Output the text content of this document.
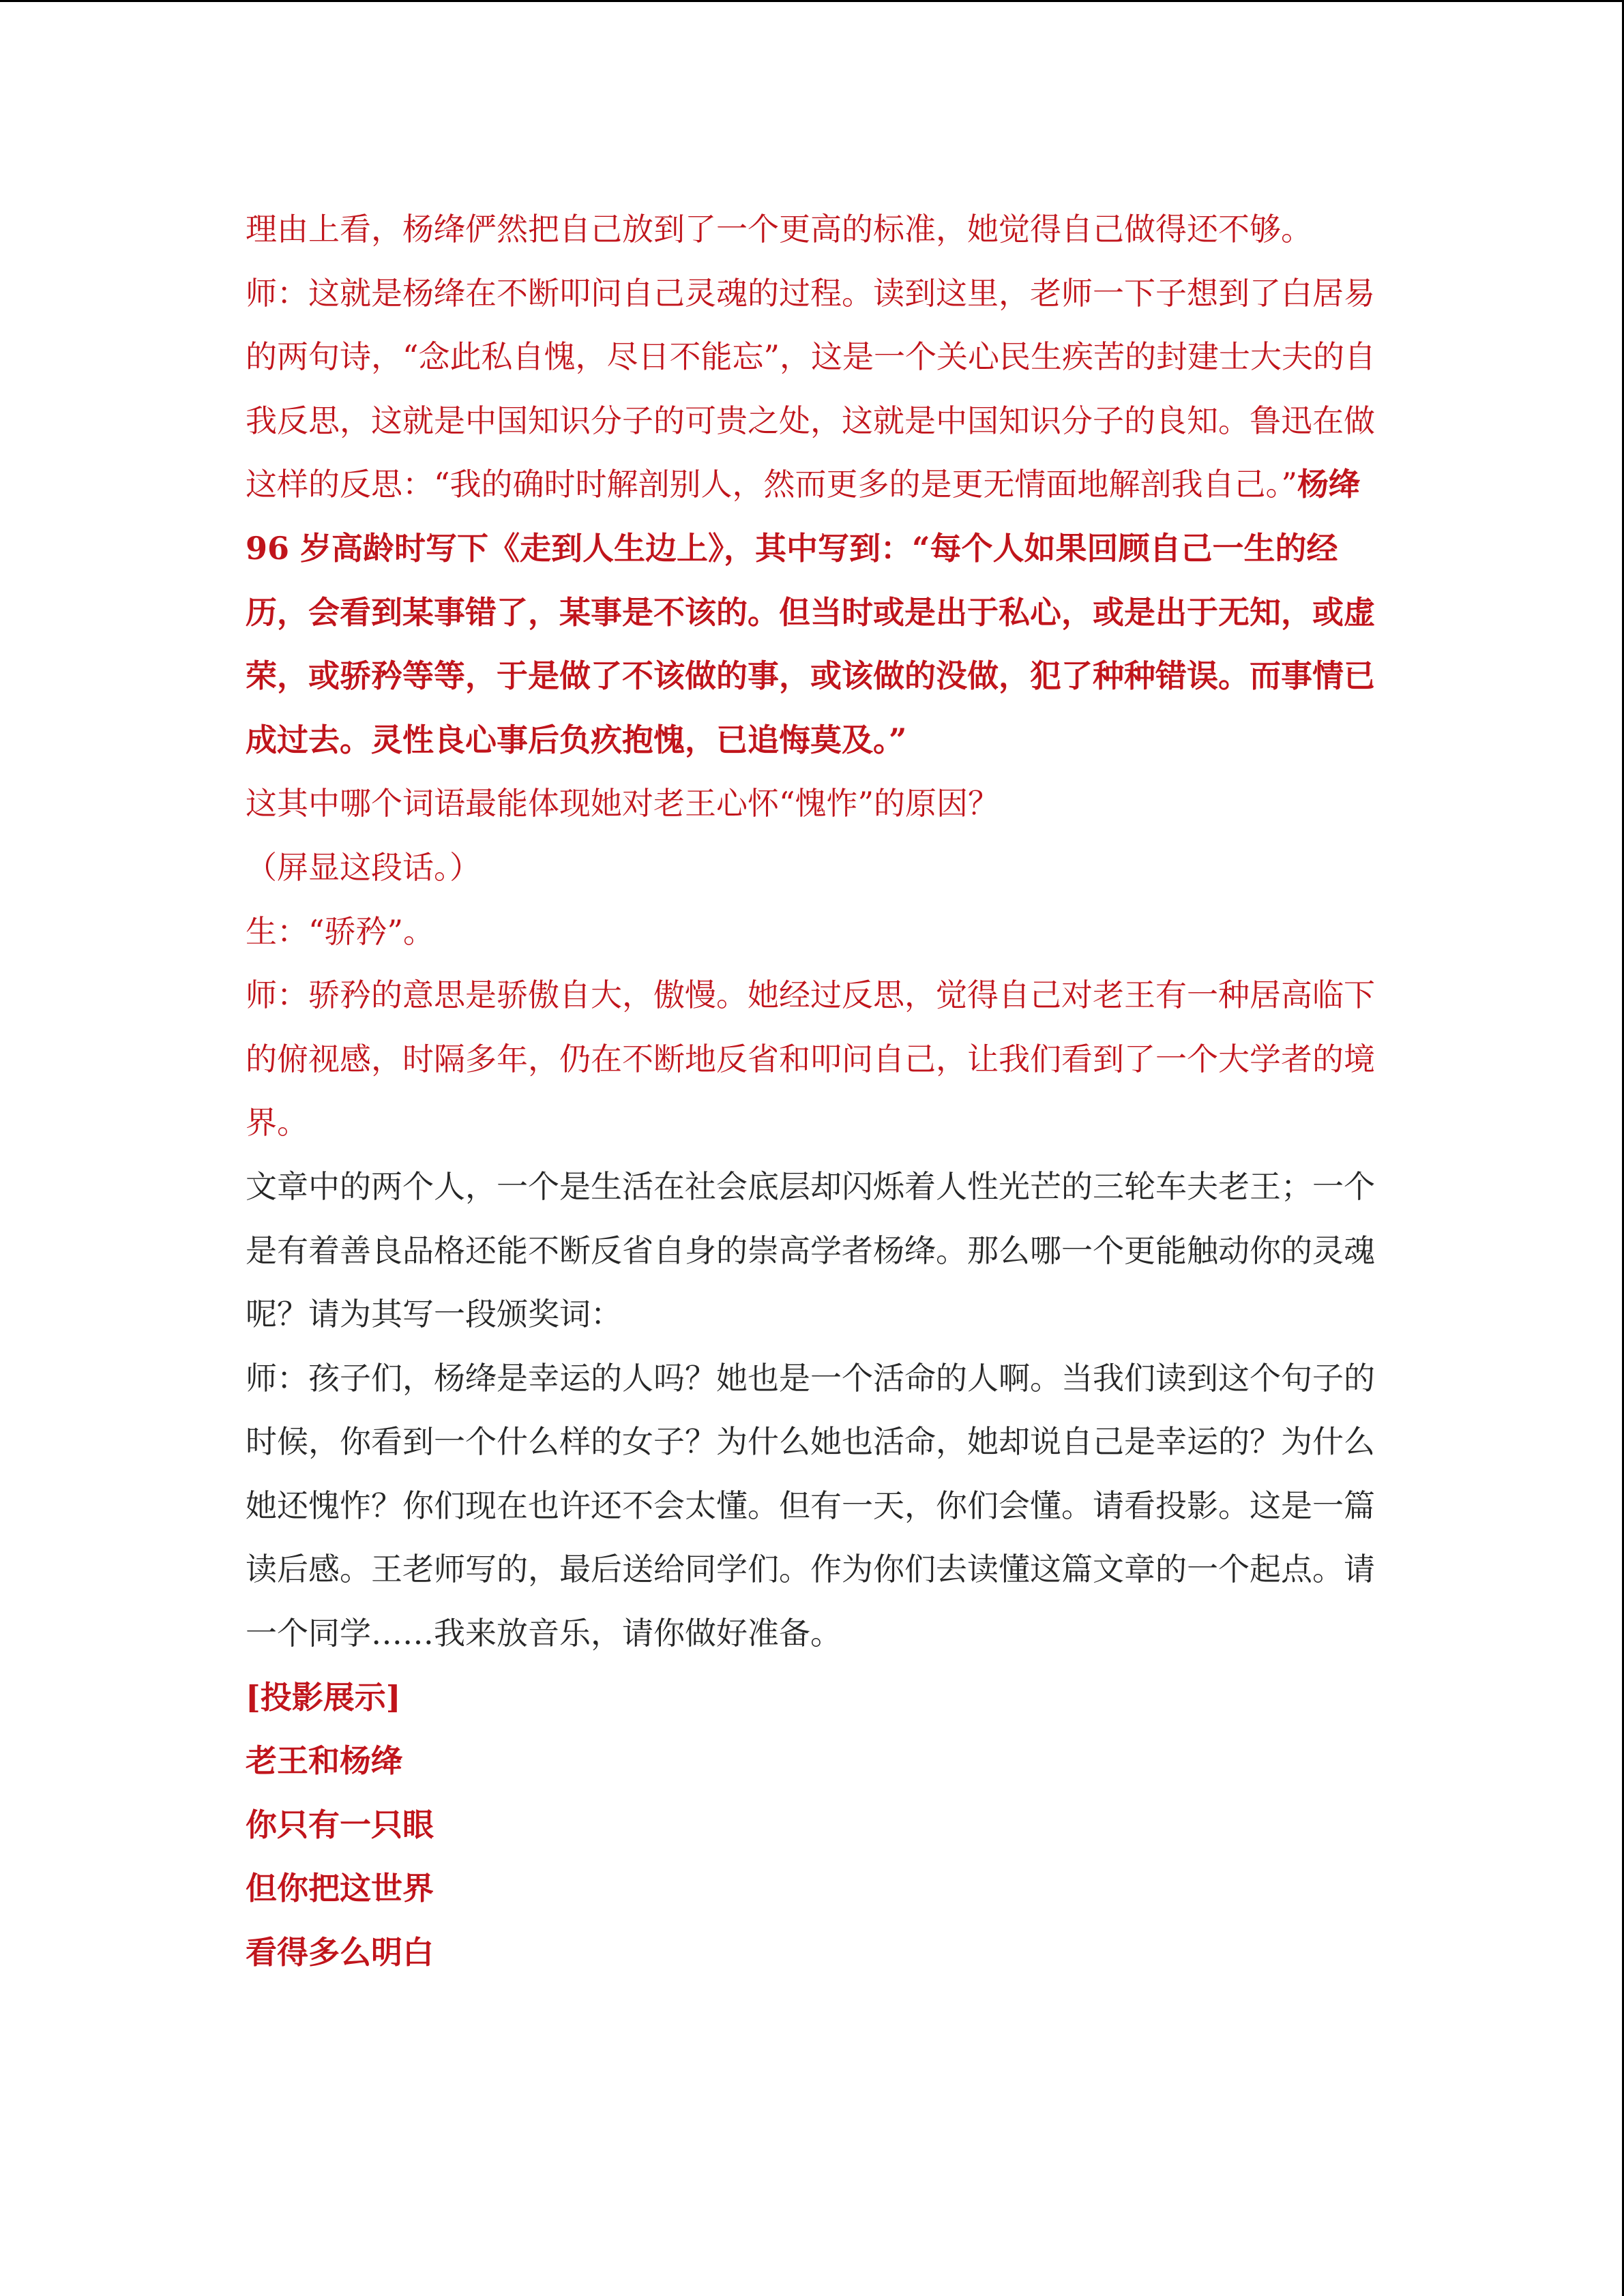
理由上看，杨绛俨然把自己放到了一个更高的标准，她觉得自己做得还不够。

师：这就是杨绛在不断叩问自己灵魂的过程。读到这里，老师一下子想到了白居易的两句诗，“念此私自愧，尽日不能忘”，这是一个关心民生疾苦的封建士大夫的自我反思，这就是中国知识分子的可贵之处，这就是中国知识分子的良知。鲁迅在做这样的反思：“我的确时时解剖别人，然而更多的是更无情面地解剖我自己。”杨绛 96 岁高龄时写下《走到人生边上》，其中写到：“每个人如果回顾自己一生的经历，会看到某事错了，某事是不该的。但当时或是出于私心，或是出于无知，或虚荣，或骄矜等等，于是做了不该做的事，或该做的没做，犯了种种错误。而事情已成过去。灵性良心事后负疚抱愧，已追悔莫及。”

这其中哪个词语最能体现她对老王心怀“愧怍”的原因？

（屏显这段话。）

生：“骄矜”。

师：骄矜的意思是骄傲自大，傲慢。她经过反思，觉得自己对老王有一种居高临下的俯视感，时隔多年，仍在不断地反省和叩问自己，让我们看到了一个大学者的境界。

文章中的两个人，一个是生活在社会底层却闪烁着人性光芒的三轮车夫老王；一个是有着善良品格还能不断反省自身的崇高学者杨绛。那么哪一个更能触动你的灵魂呢？请为其写一段颁奖词：

师：孩子们，杨绛是幸运的人吗？她也是一个活命的人啊。当我们读到这个句子的时候，你看到一个什么样的女子？为什么她也活命，她却说自己是幸运的？为什么她还愧怍？你们现在也许还不会太懂。但有一天，你们会懂。请看投影。这是一篇读后感。王老师写的，最后送给同学们。作为你们去读懂这篇文章的一个起点。请一个同学……我来放音乐，请你做好准备。

[投影展示]

老王和杨绛

你只有一只眼

但你把这世界

看得多么明白
